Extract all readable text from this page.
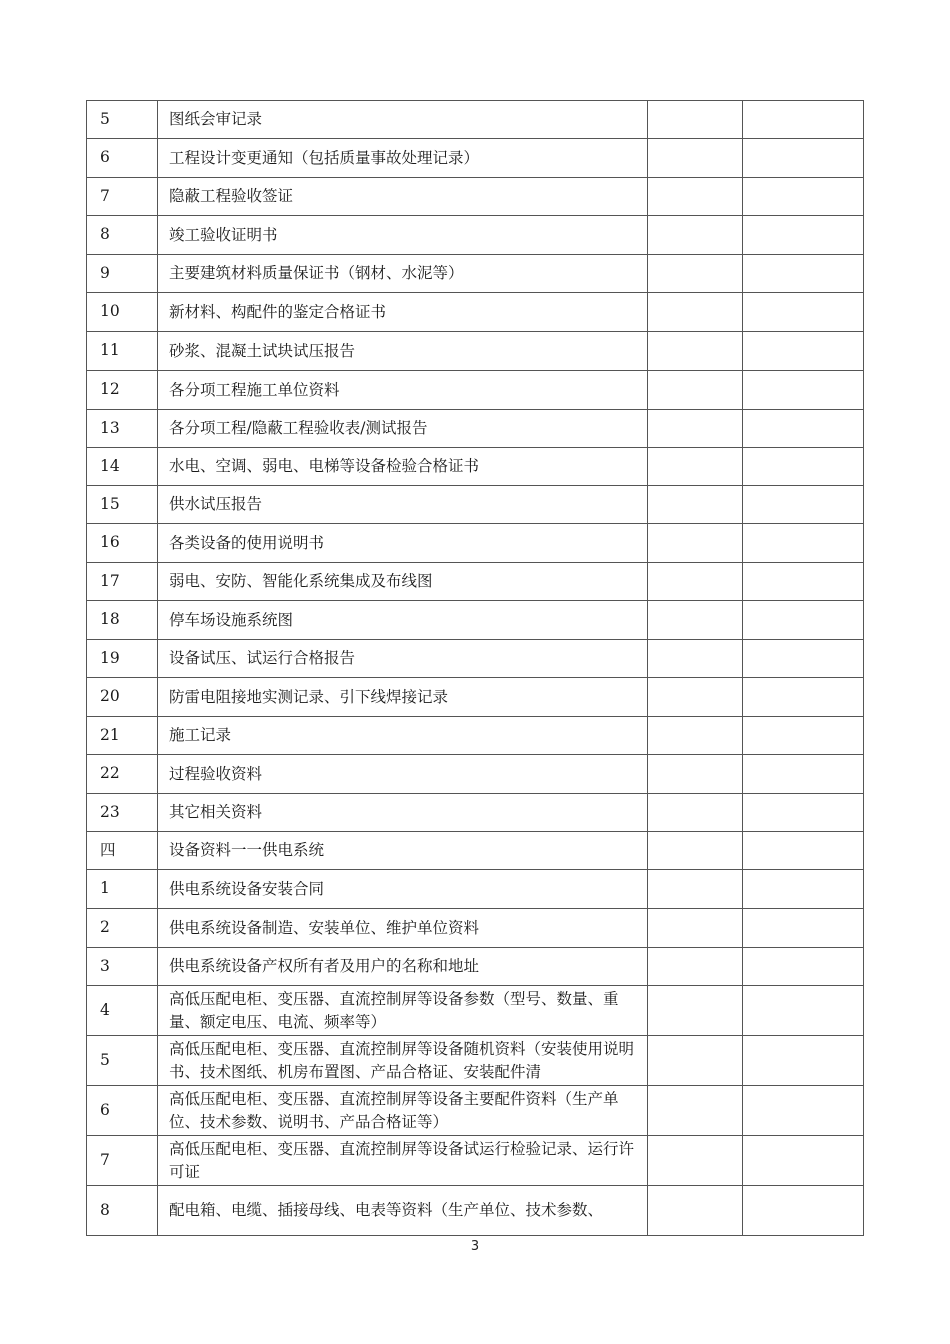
5	图纸会审记录		
6	工程设计变更通知（包括质量事故处理记录）		
7	隐蔽工程验收签证		
8	竣工验收证明书		
9	主要建筑材料质量保证书（钢材、水泥等）		
10	新材料、构配件的鉴定合格证书		
11	砂浆、混凝土试块试压报告		
12	各分项工程施工单位资料		
13	各分项工程/隐蔽工程验收表/测试报告		
14	水电、空调、弱电、电梯等设备检验合格证书		
15	供水试压报告		
16	各类设备的使用说明书		
17	弱电、安防、智能化系统集成及布线图		
18	停车场设施系统图		
19	设备试压、试运行合格报告		
20	防雷电阻接地实测记录、引下线焊接记录		
21	施工记录		
22	过程验收资料		
23	其它相关资料		
四	设备资料一一供电系统		
1	供电系统设备安装合同		
2	供电系统设备制造、安装单位、维护单位资料		
3	供电系统设备产权所有者及用户的名称和地址		
4	高低压配电柜、变压器、直流控制屏等设备参数（型号、数量、重量、额定电压、电流、频率等）		

5	高低压配电柜、变压器、直流控制屏等设备随机资料（安装使用说明书、技术图纸、机房布置图、产品合格证、安装配件清		

6	高低压配电柜、变压器、直流控制屏等设备主要配件资料（生产单位、技术参数、说明书、产品合格证等）		

7	高低压配电柜、变压器、直流控制屏等设备试运行检验记录、运行许可证		

8	配电箱、电缆、插接母线、电表等资料（生产单位、技术参数、		

3
